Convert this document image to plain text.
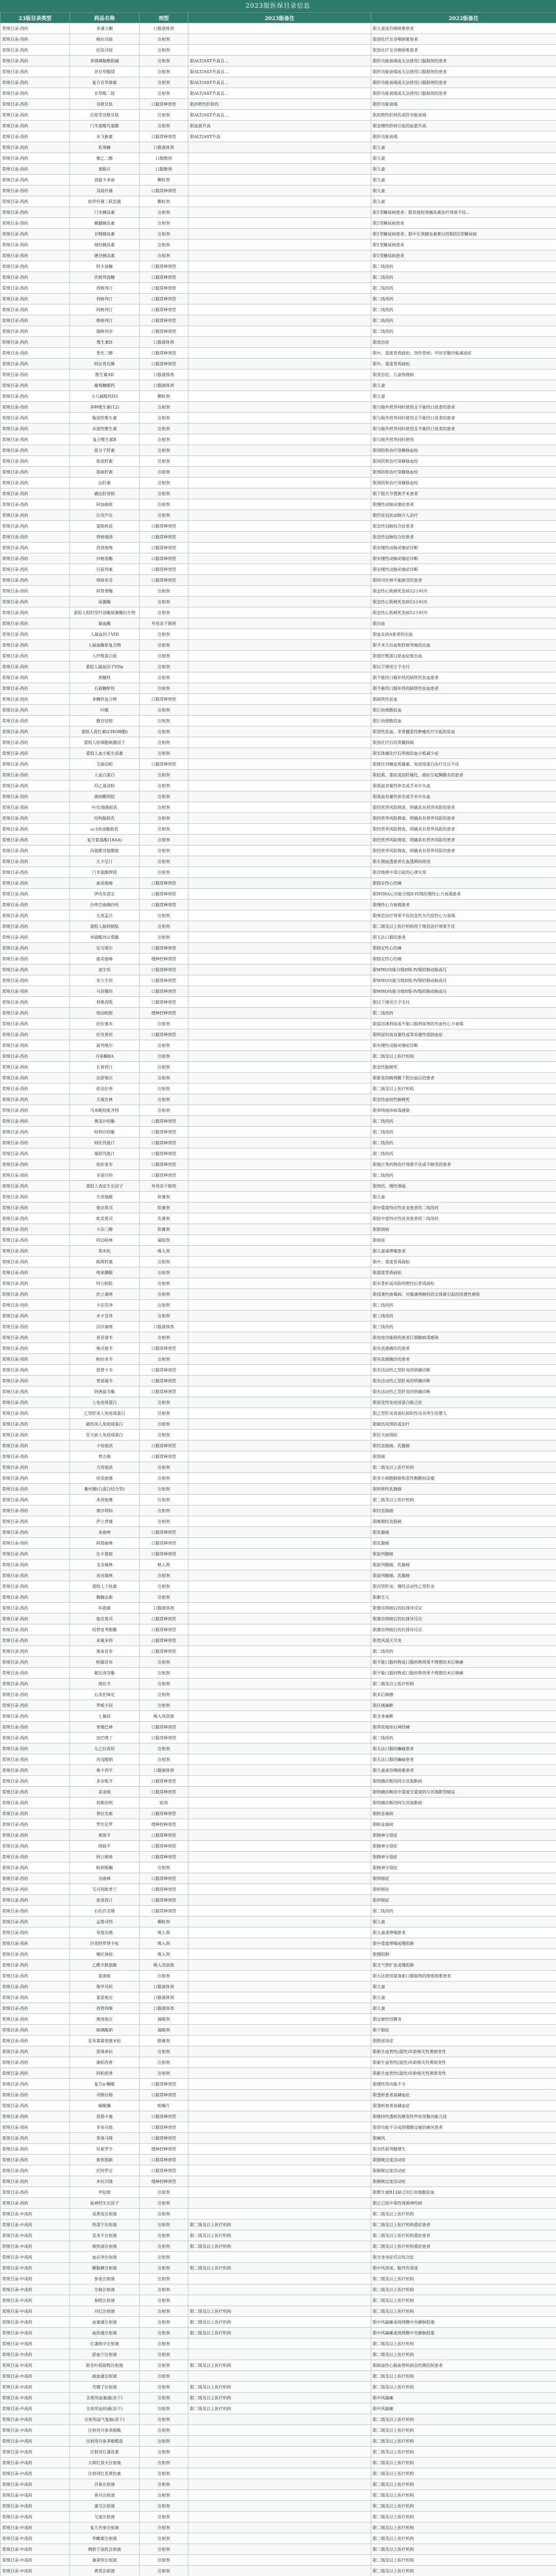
2023版医保目录信息
23版目录类型	药品名称	剂型	2023版备注	2022版备注
常规目录-西药	多潘立酮	口服液体剂		限儿童或吞咽困难患者
常规目录-西药	格拉司琼	注射剂		限放化疗且吞咽困难患者
常规目录-西药	托烷司琼	注射剂		限放化疗且吞咽困难患者
常规目录-西药	多烯磷脂酰胆碱	注射剂	限ALT/AST升高且...	限肝功能衰竭或无法使用口服制剂的患者
常规目录-西药	异甘草酸镁	注射剂	限ALT/AST升高且...	限肝功能衰竭或无法使用口服制剂的患者
常规目录-西药	复方甘草甜素	注射剂	限ALT/AST升高且...	限肝功能衰竭或无法使用口服制剂的患者
常规目录-西药	甘草酸二铵	注射剂	限ALT/AST升高且...	限肝功能衰竭或无法使用口服制剂的患者
常规目录-西药	谷胱甘肽	口服常释剂型	限药物性肝损伤	限肝功能衰竭
常规目录-西药	还原型谷胱甘肽	注射剂	限ALT/AST升高且...	限药物性肝损伤或肝功能衰竭
常规目录-西药	门冬氨酸鸟氨酸	注射剂	限血氨升高	限急慢性肝病引起的血氨升高
常规目录-西药	水飞蓟素	口服常释剂型	限ALT/AST升高	限肝功能衰竭
常规目录-西药	乳果糖	口服液体剂		限儿童
常规目录-西药	聚乙二醇	口服散剂		限儿童
常规目录-西药	蒙脱石	口服散剂		限儿童
常规目录-西药	消旋卡多曲	颗粒剂		限儿童
常规目录-西药	双歧杆菌	口服常释剂型		限儿童
常规目录-西药	枯草杆菌二联活菌	颗粒剂		限儿童
常规目录-西药	门冬胰岛素	注射剂		限1型糖尿病患者；限其他短效胰岛素治疗效果不佳...
常规目录-西药	赖脯胰岛素	注射剂		限1型糖尿病患者
常规目录-西药	甘精胰岛素	注射剂		限1型糖尿病患者；限中长效胰岛素难以控制的2型糖尿病
常规目录-西药	地特胰岛素	注射剂		限1型糖尿病患者
常规目录-西药	德谷胰岛素	注射剂		限1型糖尿病患者
常规目录-西药	阿卡波糖	口服常释剂型		限二线用药
常规目录-西药	伏格列波糖	口服常释剂型		限二线用药
常规目录-西药	西格列汀	口服常释剂型		限二线用药
常规目录-西药	利格列汀	口服常释剂型		限二线用药
常规目录-西药	阿格列汀	口服常释剂型		限二线用药
常规目录-西药	维格列汀	口服常释剂型		限二线用药
常规目录-西药	瑞格列奈	口服常释剂型		限二线用药
常规目录-西药	维生素D	口服液体剂		限夜盲症
常规目录-西药	骨化三醇	口服常释剂型		限中、重度骨质疏松；肾性骨病；甲状旁腺功能减退症
常规目录-西药	阿法骨化醇	口服常释剂型		限中、重度骨质疏松
常规目录-西药	维生素AD	口服液体剂		限夜盲症、儿童佝偻病
常规目录-西药	葡萄糖酸钙	口服液体剂		限儿童
常规目录-西药	小儿碳酸钙D3	颗粒剂		限儿童
常规目录-西药	多种维生素(12)	注射剂		限与肠外营养同时使用且不能经口进食的患者
常规目录-西药	脂溶性维生素	注射剂		限与肠外营养同时使用且不能经口进食的患者
常规目录-西药	水溶性维生素	注射剂		限与肠外营养同时使用且不能经口进食的患者
常规目录-西药	复合维生素B	注射剂		限与肠外营养同时使用
常规目录-西药	低分子肝素	注射剂		限预防和治疗深静脉血栓
常规目录-西药	依诺肝素	注射剂		限预防和治疗深静脉血栓
常规目录-西药	那曲肝素	注射剂		限预防和治疗深静脉血栓
常规目录-西药	达肝素	注射剂		限预防和治疗深静脉血栓
常规目录-西药	磺达肝癸钠	注射剂		限下肢关节置换手术患者
常规目录-西药	阿加曲班	注射剂		限慢性动脉闭塞症患者
常规目录-西药	比伐芦定	注射剂		限经皮冠状动脉介入治疗
常规目录-西药	氯吡格雷	口服常释剂型		限急性冠脉综合征患者
常规目录-西药	替格瑞洛	口服常释剂型		限急性冠脉综合征患者
常规目录-西药	西洛他唑	口服常释剂型		限有慢性动脉闭塞症诊断
常规目录-西药	沙格雷酯	口服常释剂型		限有慢性动脉闭塞症诊断
常规目录-西药	贝前列素	口服常释剂型		限有慢性动脉闭塞症诊断
常规目录-西药	吲哚布芬	口服常释剂型		限阿司匹林不能耐受的患者
常规目录-西药	阿替普酶	注射剂		限急性心肌梗死发病12小时内
常规目录-西药	尿激酶	注射剂		限急性心肌梗死发病12小时内
常规目录-西药	重组人组织型纤溶酶原激酶衍生物	注射剂		限急性心肌梗死发病12小时内
常规目录-西药	凝血酶	外用冻干制剂		限出血
常规目录-西药	人凝血因子VIII	注射剂		限血友病A患者的出血
常规目录-西药	人凝血酶原复合物	注射剂		限手术大出血和肝病导致的出血
常规目录-西药	人纤维蛋白原	注射剂		限低纤维蛋白原血症致出血
常规目录-西药	重组人凝血因子VIIa	注射剂		限以下情况方予支付
常规目录-西药	蔗糖铁	注射剂		限不能经口服补铁的缺铁性贫血患者
常规目录-西药	右旋糖酐铁	注射剂		限不能经口服补铁的缺铁性贫血患者
常规目录-西药	多糖铁复合物	口服常释剂型		限缺铁性贫血
常规目录-西药	叶酸	注射剂		限巨幼细胞贫血
常规目录-西药	腺苷钴胺	注射剂		限巨幼细胞贫血
常规目录-西药	重组人促红素(CHO细胞)	注射剂		限肾性贫血、非骨髓恶性肿瘤化疗引起的贫血
常规目录-西药	重组人粒细胞刺激因子	注射剂		限放化疗后的骨髓抑制
常规目录-西药	重组人血小板生成素	注射剂		限实体瘤化疗后所致的血小板减少症
常规目录-西药	艾曲泊帕	口服常释剂型		限既往对糖皮质激素、免疫球蛋白治疗反应不佳
常规目录-西药	人血白蛋白	注射剂		限抢救、重症或因肝硬化、癌症引起胸腹水的患者
常规目录-西药	羟乙基淀粉	注射剂		限低血容量性休克或手术中失血
常规目录-西药	琥珀酰明胶	注射剂		限低血容量性休克或手术中失血
常规目录-西药	中/长链脂肪乳	注射剂		限经营养风险筛查，明确具有营养风险的患者
常规目录-西药	结构脂肪乳	注射剂		限经营养风险筛查，明确具有营养风险的患者
常规目录-西药	ω-3鱼油脂肪乳	注射剂		限经营养风险筛查，明确具有营养风险的患者
常规目录-西药	复方氨基酸(18AA)	注射剂		限经营养风险筛查，明确具有营养风险的患者
常规目录-西药	丙氨酰谷氨酰胺	注射剂		限经营养风险筛查，明确具有营养风险的患者
常规目录-西药	左卡尼汀	注射剂		限长期血透患者在血透期间使用
常规目录-西药	门冬氨酸钾镁	注射剂		限洋地黄中毒引起的心律失常
常规目录-西药	曲美他嗪	口服常释剂型		限稳定性心绞痛
常规目录-西药	伊伐布雷定	口服常释剂型		限NYHA心功能分级II-IV级的慢性心力衰竭患者
常规目录-西药	沙库巴曲缬沙坦	口服常释剂型		限慢性心力衰竭患者
常规目录-西药	左西孟旦	注射剂		限规范治疗效果不佳的急性失代偿性心力衰竭
常规目录-西药	重组人脑利钠肽	注射剂		限二级及以上医疗机构用于规范治疗效果不佳
常规目录-西药	单硝酸异山梨酯	注射剂		限无法口服的患者
常规目录-西药	尼可地尔	口服常释剂型		限稳定性心绞痛
常规目录-西药	曲美他嗪	缓释控释剂型		限稳定性心绞痛
常规目录-西药	波生坦	口服常释剂型		限WHO功能分级II级-IV级的肺动脉高压
常规目录-西药	安立生坦	口服常释剂型		限WHO功能分级II级-IV级的肺动脉高压
常规目录-西药	马昔腾坦	口服常释剂型		限WHO功能分级II级-IV级的肺动脉高压
常规目录-西药	利奥西呱	口服常释剂型		限以下情况方予支付
常规目录-西药	吲达帕胺	缓释控释剂型		限二线用药
常规目录-西药	托拉塞米	注射剂		限需迅速利尿或不能口服利尿剂的充血性心力衰竭
常规目录-西药	托伐普坦	口服常释剂型		限明显的高容量性或等容量性低钠血症
常规目录-西药	前列地尔	注射剂		限有慢性动脉闭塞症诊断
常规目录-西药	丹参酮ⅡA	注射剂		限二级及以上医疗机构
常规目录-西药	长春西汀	注射剂		限急性脑梗死
常规目录-西药	法舒地尔	注射剂		限新发的蛛网膜下腔出血后的患者
常规目录-西药	依达拉奉	注射剂		限二级及以上医疗机构
常规目录-西药	尤瑞克林	注射剂		限急性血栓性脑梗死
常规目录-西药	马来酸桂哌齐特	注射剂		限单纯疱疹病毒感染
常规目录-西药	奥美沙坦酯	口服常释剂型		限二线用药
常规目录-西药	阿利沙坦酯	口服常释剂型		限二线用药
常规目录-西药	阿托伐他汀	口服常释剂型		限二线用药
常规目录-西药	瑞舒伐他汀	口服常释剂型		限二线用药
常规目录-西药	依折麦布	口服常释剂型		限他汀类药物治疗效果不佳或不耐受的患者
常规目录-西药	非诺贝特	口服常释剂型		限二线用药
常规目录-西药	重组人表皮生长因子	外用冻干制剂		限烧伤、慢性溃疡
常规目录-西药	夫西地酸	软膏剂		限儿童
常规目录-西药	他克莫司	软膏剂		限中重度特应性皮炎患者的二线用药
常规目录-西药	吡美莫司	乳膏剂		限轻中度特应性皮炎患者的二线用药
常规目录-西药	卡泊三醇	软膏剂		限银屑病
常规目录-西药	阿达帕林	凝胶剂		限痤疮
常规目录-西药	莫米松	吸入剂		限儿童或哮喘患者
常规目录-西药	鲑降钙素	注射剂		限中、重度骨质疏松
常规目录-西药	唑来膦酸	注射剂		限重度骨质疏松
常规目录-西药	特立帕肽	注射剂		限有骨折高风险的绝经后骨质疏松
常规目录-西药	伏立康唑	注射剂		限侵袭性曲霉病；对氟康唑耐药的念珠菌引起的侵袭性感染
常规目录-西药	卡泊芬净	注射剂		限三线用药
常规目录-西药	米卡芬净	注射剂		限三线用药
常规目录-西药	泊沙康唑	口服液体剂		限三线用药
常规目录-西药	更昔洛韦	注射剂		限免疫功能损伤患者巨细胞病毒感染
常规目录-西药	奥司他韦	口服常释剂型		限有流感确诊的患者
常规目录-西药	帕拉米韦	注射剂		限有流感确诊的患者
常规目录-西药	恩替卡韦	口服常释剂型		限有活动性乙型肝炎的明确诊断
常规目录-西药	替诺福韦	口服常释剂型		限有活动性乙型肝炎的明确诊断
常规目录-西药	阿德福韦酯	口服常释剂型		限有活动性乙型肝炎的明确诊断
常规目录-西药	人免疫球蛋白	注射剂		限原发性免疫球蛋白缺乏症
常规目录-西药	乙型肝炎人免疫球蛋白	注射剂		限乙型肝炎表面抗原阳性母亲所生的婴儿
常规目录-西药	破伤风人免疫球蛋白	注射剂		限破伤风预防或治疗
常规目录-西药	狂犬病人免疫球蛋白	注射剂		限狂犬病预防
常规目录-西药	卡培他滨	口服常释剂型		限结直肠癌、乳腺癌
常规目录-西药	替吉奥	口服常释剂型		限胃癌
常规目录-西药	吉西他滨	注射剂		限二级及以上医疗机构
常规目录-西药	培美曲塞	注射剂		限非小细胞肺癌和恶性胸膜间皮瘤
常规目录-西药	紫杉醇(白蛋白结合型)	注射剂		限转移性乳腺癌
常规目录-西药	多西他赛	注射剂		限二级及以上医疗机构
常规目录-西药	奥沙利铂	注射剂		限结直肠癌
常规目录-西药	伊立替康	注射剂		限晚期结直肠癌
常规目录-西药	来曲唑	口服常释剂型		限乳腺癌
常规目录-西药	阿那曲唑	口服常释剂型		限乳腺癌
常规目录-西药	比卡鲁胺	口服常释剂型		限前列腺癌
常规目录-西药	戈舍瑞林	植入剂		限前列腺癌、乳腺癌
常规目录-西药	亮丙瑞林	注射剂		限前列腺癌、乳腺癌
常规目录-西药	重组人干扰素	注射剂		限丙型肝炎、慢性活动性乙型肝炎
常规目录-西药	胸腺法新	注射剂		限新生儿
常规目录-西药	环孢素	口服液体剂		限器官移植后的抗排异反应
常规目录-西药	他克莫司	口服常释剂型		限器官移植后的抗排异反应
常规目录-西药	吗替麦考酚酯	口服常释剂型		限器官移植后的抗排异反应
常规目录-西药	来氟米特	口服常释剂型		限类风湿关节炎
常规目录-西药	塞来昔布	口服常释剂型		限二线用药
常规目录-西药	帕瑞昔布	注射剂		限不能口服药物或口服药物效果不理想的术后镇痛
常规目录-西药	氟比洛芬酯	注射剂		限不能口服药物或口服药物效果不理想的术后镇痛
常规目录-西药	地佐辛	注射剂		限二级及以上医疗机构
常规目录-西药	右美托咪定	注射剂		限术后镇静
常规目录-西药	罗哌卡因	注射剂		限区域麻醉
常规目录-西药	七氟烷	吸入用溶液		限全身麻醉
常规目录-西药	普瑞巴林	口服常释剂型		限带状疱疹后神经痛
常规目录-西药	加巴喷丁	口服常释剂型		限二线用药
常规目录-西药	左乙拉西坦	注射剂		限无法口服的癫痫患者
常规目录-西药	丙戊酸钠	注射剂		限无法口服的癫痫患者
常规目录-西药	奥卡西平	口服液体剂		限儿童或吞咽困难患者
常规目录-西药	多奈哌齐	口服常释剂型		限明确诊断的阿尔茨海默病
常规目录-西药	美金刚	口服常释剂型		限明确诊断的中重度至重度阿尔茨海默型痴呆
常规目录-西药	利斯的明	贴剂		限明确诊断的阿尔茨海默病
常规目录-西药	普拉克索	口服常释剂型		限帕金森病
常规目录-西药	罗匹尼罗	缓释控释剂型		限帕金森病
常规目录-西药	奥氮平	口服常释剂型		限精神分裂症
常规目录-西药	喹硫平	口服常释剂型		限精神分裂症
常规目录-西药	阿立哌唑	口服常释剂型		限精神分裂症
常规目录-西药	帕利哌酮	注射剂		限精神分裂症
常规目录-西药	舍曲林	口服常释剂型		限抑郁症
常规目录-西药	艾司西酞普兰	口服常释剂型		限抑郁症
常规目录-西药	度洛西汀	口服常释剂型		限抑郁症
常规目录-西药	右佐匹克隆	口服常释剂型		限二线用药
常规目录-西药	孟鲁司特	颗粒剂		限儿童
常规目录-西药	布地奈德	吸入剂		限儿童或哮喘患者
常规目录-西药	沙美特罗替卡松	吸入剂		限中重度哮喘或慢阻肺
常规目录-西药	噻托溴铵	吸入剂		限慢阻肺
常规目录-西药	乙酰半胱氨酸	吸入用溶液		限支气管扩张或慢阻肺
常规目录-西药	氨溴索	注射剂		限无法使用氨溴索口服制剂的排痰困难患者
常规目录-西药	羧甲司坦	口服液体剂		限儿童
常规目录-西药	氯雷他定	口服液体剂		限儿童
常规目录-西药	西替利嗪	口服液体剂		限儿童
常规目录-西药	奥洛他定	滴眼剂		限过敏性结膜炎
常规目录-西药	玻璃酸钠	滴眼剂		限干眼症
常规目录-西药	妥布霉素地塞米松	眼膏剂		限眼部炎症
常规目录-西药	雷珠单抗	注射剂		限新生血管性(湿性)年龄相关性黄斑变性
常规目录-西药	康柏西普	注射剂		限新生血管性(湿性)年龄相关性黄斑变性
常规目录-西药	阿柏西普	注射剂		限新生血管性(湿性)年龄相关性黄斑变性
常规目录-西药	复方α-酮酸	口服常释剂型		限慢性肾功能不全
常规目录-西药	司维拉姆	口服常释剂型		限透析患者高磷血症
常规目录-西药	碳酸镧	咀嚼片		限透析患者高磷血症
常规目录-西药	西那卡塞	口服常释剂型		限维持性透析的继发性甲状旁腺功能亢进
常规目录-西药	非布司他	口服常释剂型		限肾功能不全或别嘌醇过敏的痛风患者
常规目录-西药	苯溴马隆	口服常释剂型		限痛风
常规目录-西药	坦索罗辛	缓释控释剂型		限良性前列腺增生
常规目录-西药	索利那新	口服常释剂型		限膀胱过度活动症
常规目录-西药	托特罗定	口服常释剂型		限膀胱过度活动症
常规目录-西药	米拉贝隆	缓释控释剂型		限膀胱过度活动症
常规目录-西药	甲钴胺	注射剂		限维生素B12缺乏的巨幼细胞贫血
常规目录-西药	鼠神经生长因子	注射剂		限正己烷中毒性周围神经病
常规目录-中成药	双黄连注射液	注射剂		限二级及以上医疗机构
常规目录-中成药	热毒宁注射液	注射剂	限二级及以上医疗机构	限二级及以上医疗机构重症患者
常规目录-中成药	喜炎平注射液	注射剂	限二级及以上医疗机构	限二级及以上医疗机构重症患者
常规目录-中成药	痰热清注射液	注射剂	限二级及以上医疗机构	限二级及以上医疗机构重症患者
常规目录-中成药	血必净注射液	注射剂		限全身炎症反应综合征
常规目录-中成药	醒脑静注射液	注射剂	限二级及以上医疗机构	限中风昏迷、脑外伤昏迷
常规目录-中成药	参麦注射液	注射剂		限二级及以上医疗机构
常规目录-中成药	生脉注射液	注射剂		限二级及以上医疗机构
常规目录-中成药	参附注射液	注射剂		限二级及以上医疗机构
常规目录-中成药	丹红注射液	注射剂	限二级及以上医疗机构	限二级及以上医疗机构
常规目录-中成药	血塞通注射液	注射剂	限二级及以上医疗机构	限中风偏瘫或视网膜中央静脉阻塞
常规目录-中成药	血栓通注射液	注射剂	限二级及以上医疗机构	限中风偏瘫或视网膜中央静脉阻塞
常规目录-中成药	灯盏细辛注射液	注射剂		限二级及以上医疗机构
常规目录-中成药	舒血宁注射液	注射剂		限二级及以上医疗机构
常规目录-中成药	银杏叶提取物注射液	注射剂	限二级及以上医疗机构	限缺血性心脑血管疾病急性期住院患者
常规目录-中成药	疏血通注射液	注射剂		限二级及以上医疗机构
常规目录-中成药	苦碟子注射液	注射剂	限二级及以上医疗机构	限二级及以上医疗机构
常规目录-中成药	注射用血塞通(冻干)	注射剂	限二级及以上医疗机构	限中风偏瘫
常规目录-中成药	注射用血栓通(冻干)	注射剂	限二级及以上医疗机构	限中风偏瘫
常规目录-中成药	注射用益气复脉(冻干)	注射剂		限二级及以上医疗机构
常规目录-中成药	注射用丹参多酚酸	注射剂		限二级及以上医疗机构
常规目录-中成药	注射用丹参多酚酸盐	注射剂		限二级及以上医疗机构
常规目录-中成药	注射用灯盏花素	注射剂		限二级及以上医疗机构
常规目录-中成药	大株红景天注射液	注射剂		限二级及以上医疗机构
常规目录-中成药	注射用红花黄色素	注射剂		限二级及以上医疗机构
常规目录-中成药	丹参注射液	注射剂		限二级及以上医疗机构
常规目录-中成药	香丹注射液	注射剂		限二级及以上医疗机构
常规目录-中成药	康艾注射液	注射剂		限二级及以上医疗机构
常规目录-中成药	艾迪注射液	注射剂		限二级及以上医疗机构
常规目录-中成药	复方苦参注射液	注射剂		限二级及以上医疗机构
常规目录-中成药	华蟾素注射液	注射剂		限二级及以上医疗机构
常规目录-中成药	鸦胆子油乳注射液	注射剂		限二级及以上医疗机构
常规目录-中成药	康莱特注射液	注射剂		限二级及以上医疗机构
常规目录-中成药	黄芪注射液	注射剂		限二级及以上医疗机构
